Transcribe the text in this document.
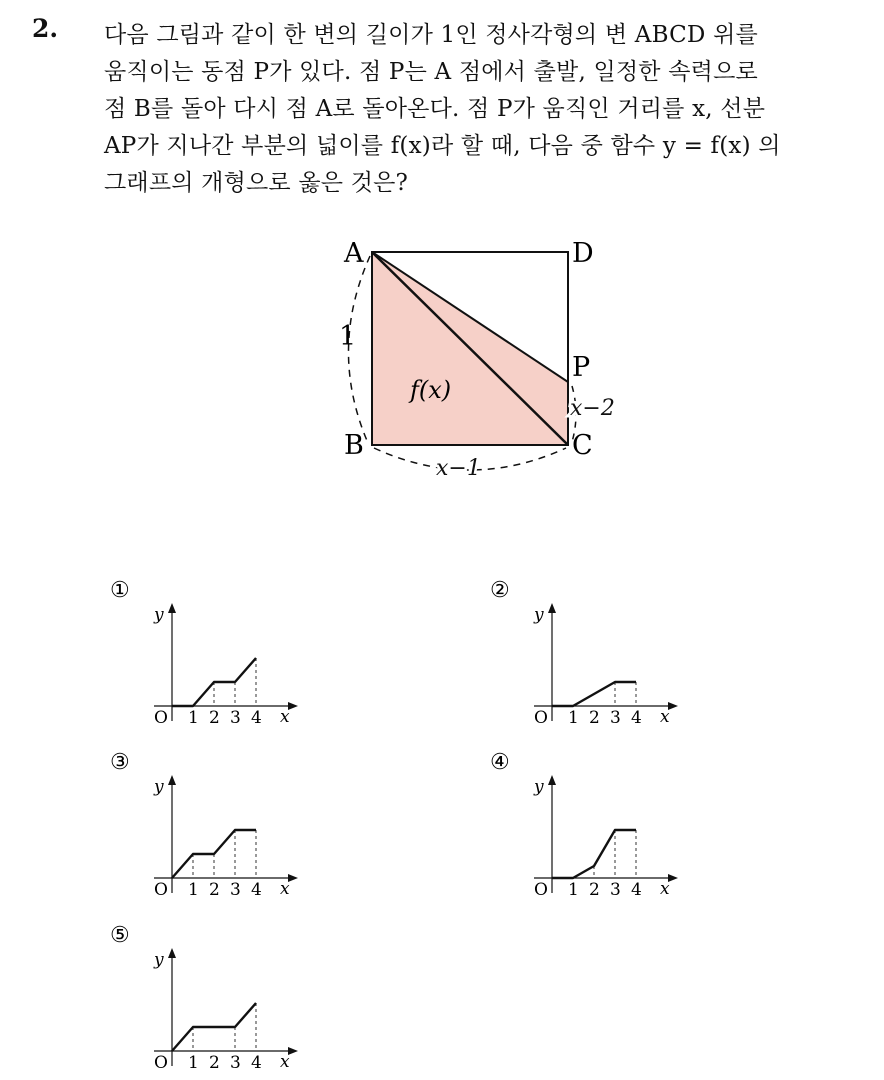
2. 다음 그림과 같이 한 변의 길이가 1인 정사각형의 변 ABCD 위를
움직이는 동점 P가 있다. 점 P는 A 점에서 출발, 일정한 속력으로
점 B를 돌아 다시 점 A로 돌아온다. 점 P가 움직인 거리를 x, 선분
AP가 지나간 부분의 넓이를 f(x)라 할 때, 다음 중 함수 y = f(x) 의
그래프의 개형으로 옳은 것은?
A	D
B	C
P
1
f(x)
x−1
x−2
①
y
x
O 1 2 3 4
②
y
x
O 1 2 3 4
③
y
x
O 1 2 3 4
④
y
x
O 1 2 3 4
⑤
y
x
O 1 2 3 4
